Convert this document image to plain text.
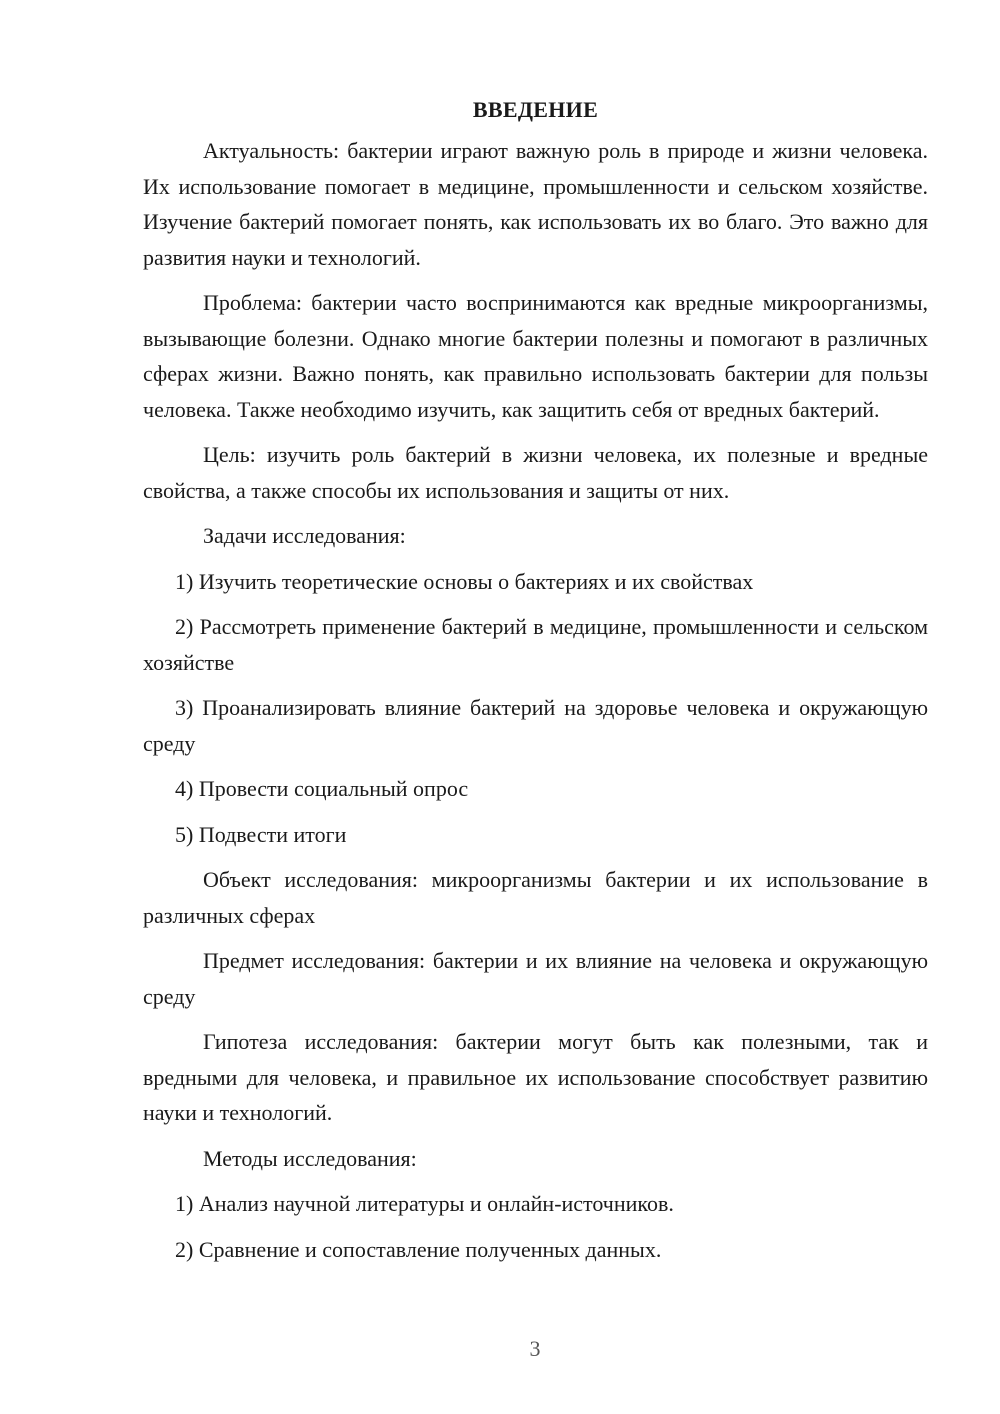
ВВЕДЕНИЕ

Актуальность: бактерии играют важную роль в природе и жизни человека. Их использование помогает в медицине, промышленности и сельском хозяйстве. Изучение бактерий помогает понять, как использовать их во благо. Это важно для развития науки и технологий.

Проблема: бактерии часто воспринимаются как вредные микроорганизмы, вызывающие болезни. Однако многие бактерии полезны и помогают в различных сферах жизни. Важно понять, как правильно использовать бактерии для пользы человека. Также необходимо изучить, как защитить себя от вредных бактерий.

Цель: изучить роль бактерий в жизни человека, их полезные и вредные свойства, а также способы их использования и защиты от них.

Задачи исследования:

1) Изучить теоретические основы о бактериях и их свойствах

2) Рассмотреть применение бактерий в медицине, промышленности и сельском хозяйстве

3) Проанализировать влияние бактерий на здоровье человека и окружающую среду

4) Провести социальный опрос

5) Подвести итоги

Объект исследования: микроорганизмы бактерии и их использование в различных сферах

Предмет исследования: бактерии и их влияние на человека и окружающую среду

Гипотеза исследования: бактерии могут быть как полезными, так и вредными для человека, и правильное их использование способствует развитию науки и технологий.

Методы исследования:

1) Анализ научной литературы и онлайн-источников.

2) Сравнение и сопоставление полученных данных.

3
